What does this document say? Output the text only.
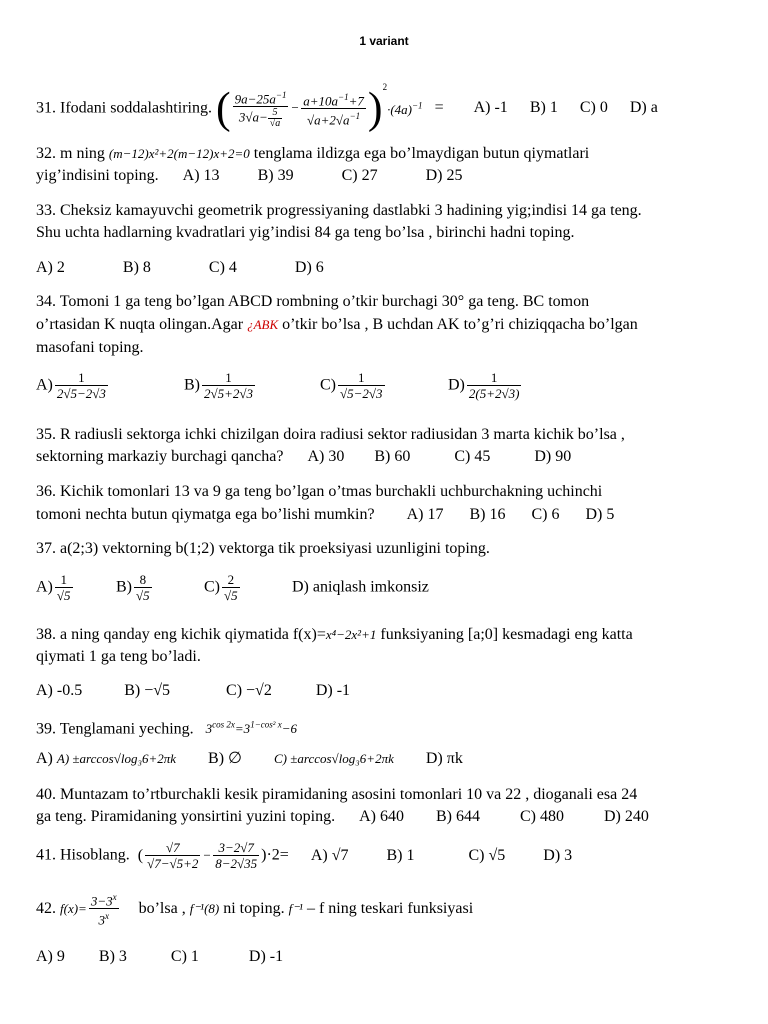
1 variant
31. Ifodani soddalashtiring. ( $\frac{9a-25a^{-1}}{3√a- \frac{5}{√a}} - \frac{a+10a^{-1}+7}{√a+2√a^{-1}} )^2\cdot(4a)^{-1} = A$) -1 B) 1 C) 0 D) a
32. m ning (m−12)x²+2(m−12)x+2=0 tenglama ildizga ega bo’lmaydigan butun qiymatlari
yig’indisini toping. A) 13 B) 39	C) 27	D) 25
33. Cheksiz kamayuvchi geometrik progressiyaning dastlabki 3 hadining yig;indisi 14 ga teng.
Shu uchta hadlarning kvadratlari yig’indisi 84 ga teng bo’lsa , birinchi hadni toping.
A) 2	B) 8	C) 4	D) 6
34. Tomoni 1 ga teng bo’lgan ABCD rombning o’tkir burchagi 30° ga teng. BC tomon
o’rtasidan K nuqta olingan.Agar ¿ABK o’tkir bo’lsa , B uchdan AK to’g’ri chiziqqacha bo’lgan
masofani toping.
$A) \frac{1}{2√5-2√3}$	$B) \frac{1}{2√5+2√3}$	$C) \frac{1}{√5-2√3}$	$D) \frac{1}{2(5+2√3)}$
35. R radiusli sektorga ichki chizilgan doira radiusi sektor radiusidan 3 marta kichik bo’lsa ,
sektorning markaziy burchagi qancha? A) 30 B) 60	C) 45	D) 90
36. Kichik tomonlari 13 va 9 ga teng bo’lgan o’tmas burchakli uchburchakning uchinchi
tomoni nechta butun qiymatga ega bo’lishi mumkin? A) 17 B) 16 C) 6 D) 5
37. a(2;3) vektorning b(1;2) vektorga tik proeksiyasi uzunligini toping.
$A) \frac{1}{√5}$	$B) \frac{8}{√5}$	$C) \frac{2}{√5}$	D) aniqlash imkonsiz
38. a ning qanday eng kichik qiymatida f(x)=x⁴−2x²+1 funksiyaning [a;0] kesmadagi eng katta
qiymati 1 ga teng bo’ladi.
A) -0.5	B) −√5	C) −√2	D) -1
39. Tenglamani yeching. $3^{cos 2x}=3^{1-cos^2 x}-6$
A) A) ±arccos√log₃6+2πk B) ∅ C) ±arccos√log₃6+2πk D) πk
40. Muntazam to’rtburchakli kesik piramidaning asosini tomonlari 10 va 22 , dioganali esa 24
ga teng. Piramidaning yonsirtini yuzini toping. A) 640 B) 644	C) 480	D) 240
41. Hisoblang. ( $\frac{√7}{√7-√5+2} - \frac{3-2√7}{8-2√35} )\cdot 2= A$) √7 B) 1	C) √5 D) 3
42. $f(x)= \frac{3-3^x}{3^x}$ bo’lsa , f⁻¹(8) ni toping. f⁻¹ – f ning teskari funksiyasi
A) 9 B) 3	C) 1	D) -1
